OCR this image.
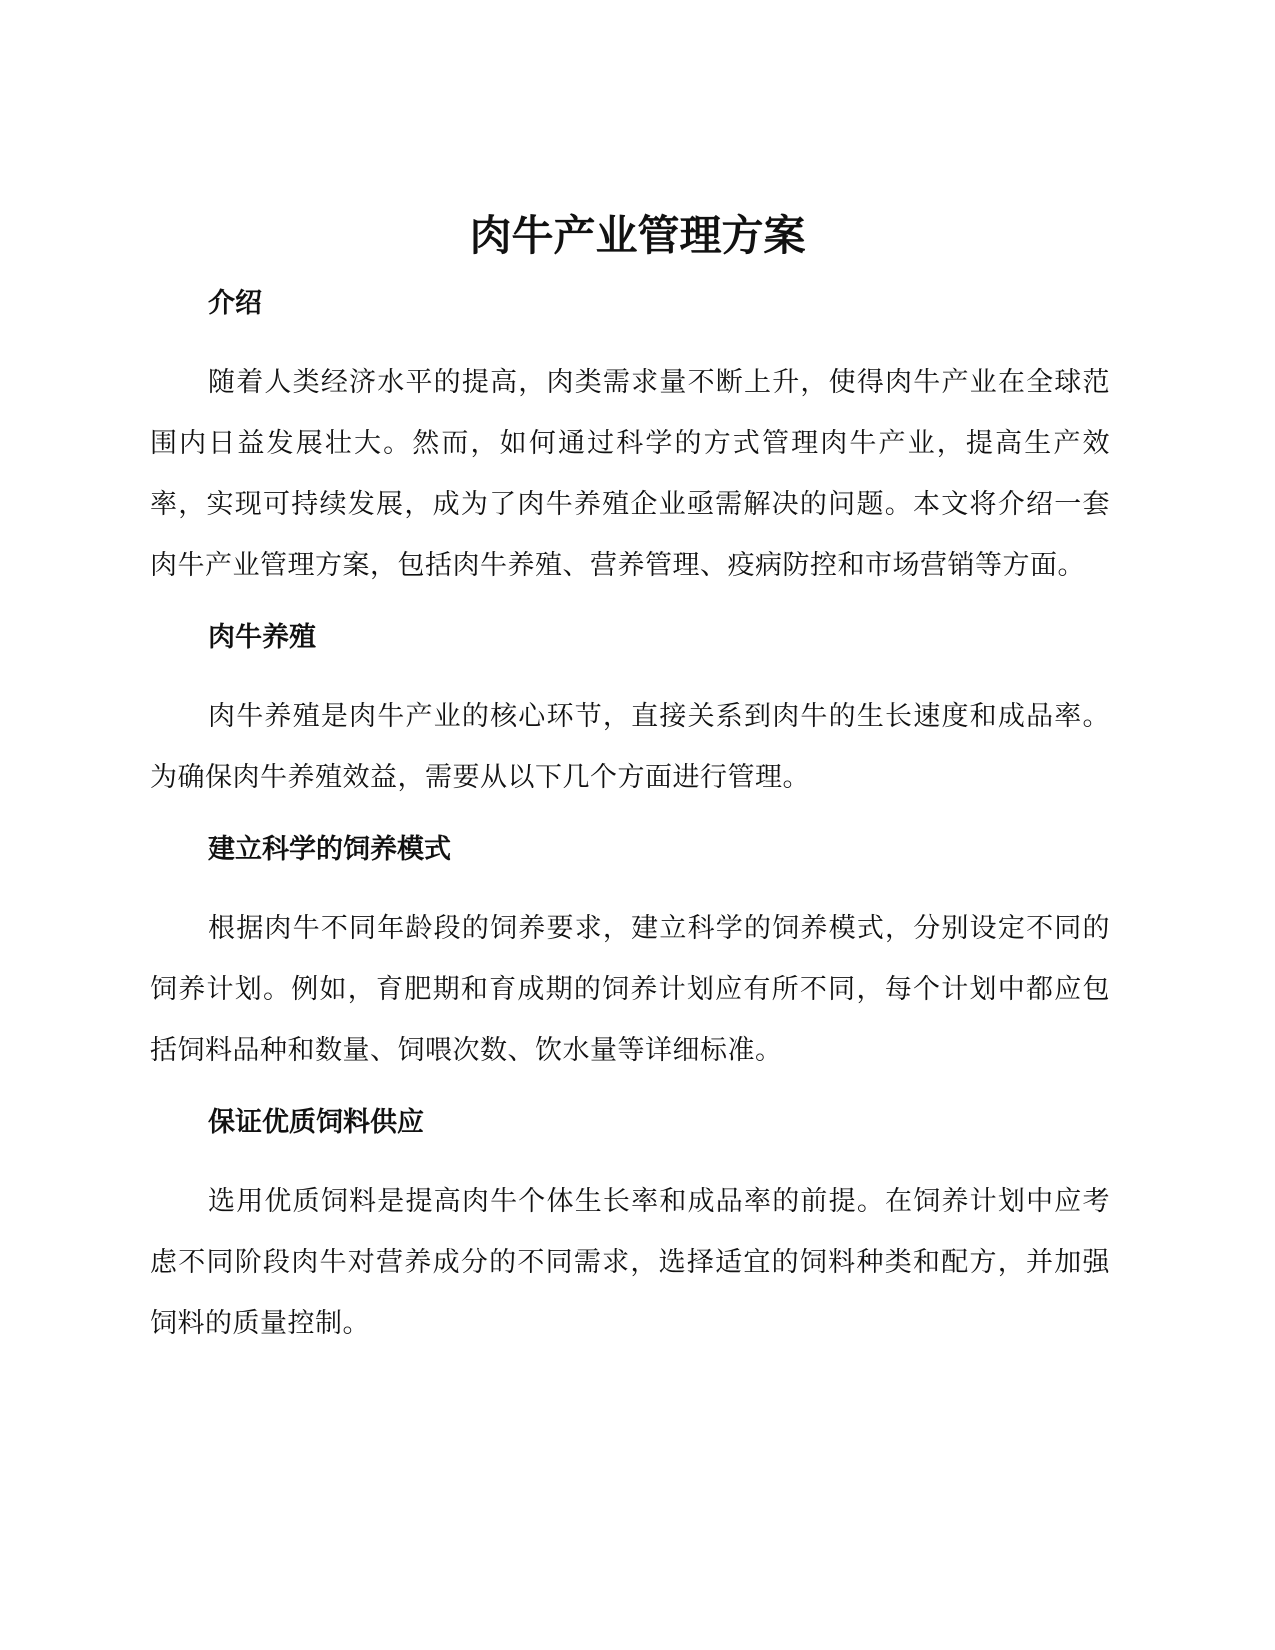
肉牛产业管理方案
介绍

随着人类经济水平的提高，肉类需求量不断上升，使得肉牛产业在全球范围内日益发展壮大。然而，如何通过科学的方式管理肉牛产业，提高生产效率，实现可持续发展，成为了肉牛养殖企业亟需解决的问题。本文将介绍一套肉牛产业管理方案，包括肉牛养殖、营养管理、疫病防控和市场营销等方面。

肉牛养殖

肉牛养殖是肉牛产业的核心环节，直接关系到肉牛的生长速度和成品率。为确保肉牛养殖效益，需要从以下几个方面进行管理。

建立科学的饲养模式

根据肉牛不同年龄段的饲养要求，建立科学的饲养模式，分别设定不同的饲养计划。例如，育肥期和育成期的饲养计划应有所不同，每个计划中都应包括饲料品种和数量、饲喂次数、饮水量等详细标准。

保证优质饲料供应

选用优质饲料是提高肉牛个体生长率和成品率的前提。在饲养计划中应考虑不同阶段肉牛对营养成分的不同需求，选择适宜的饲料种类和配方，并加强饲料的质量控制。
